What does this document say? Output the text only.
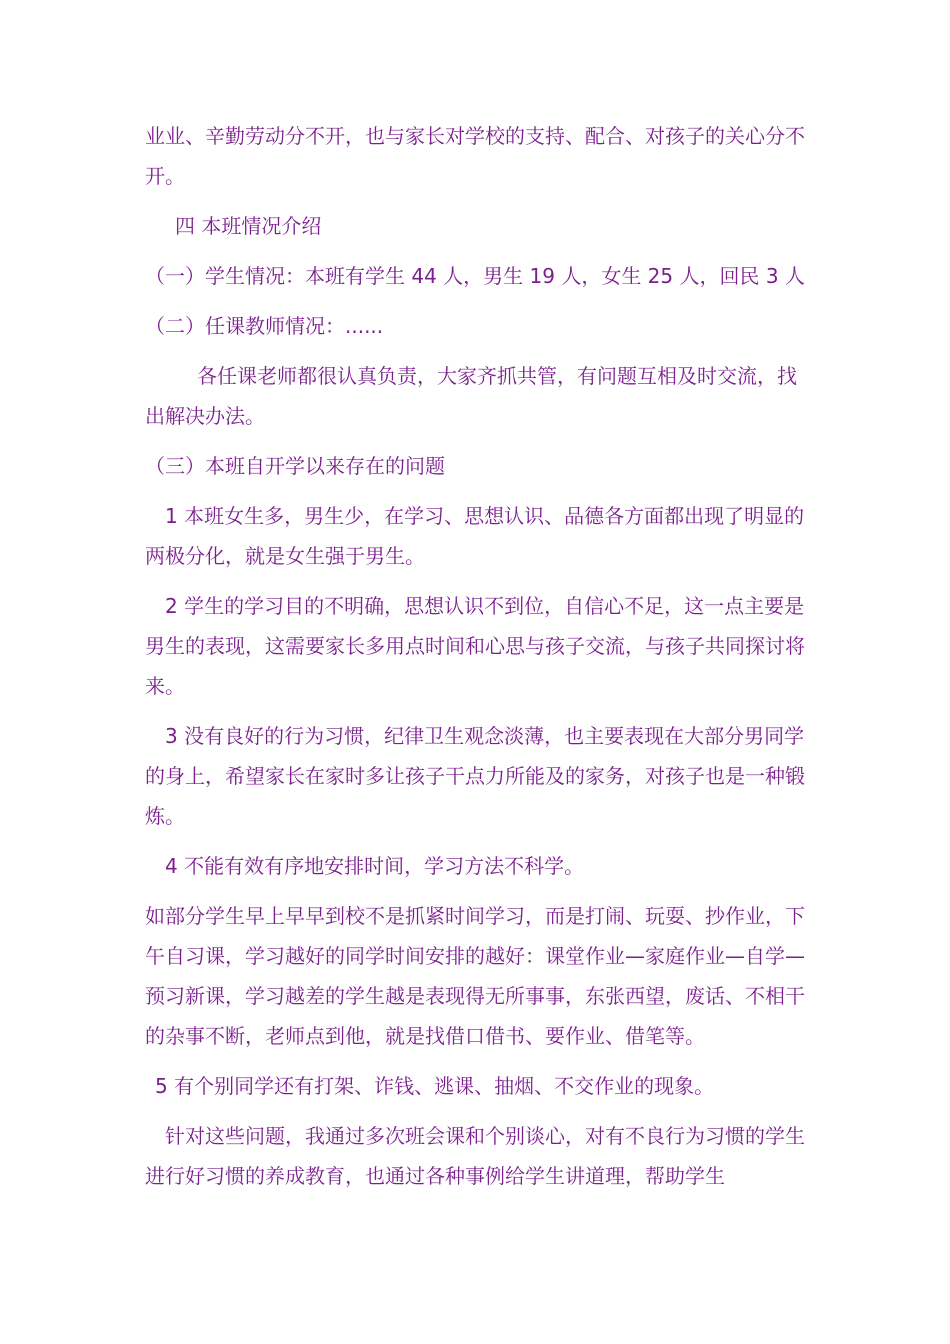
业业、辛勤劳动分不开，也与家长对学校的支持、配合、对孩子的关心分不开。

四 本班情况介绍

（一）学生情况：本班有学生 44 人，男生 19 人，女生 25 人，回民 3 人

（二）任课教师情况：......

各任课老师都很认真负责，大家齐抓共管，有问题互相及时交流，找出解决办法。

（三）本班自开学以来存在的问题

1 本班女生多，男生少，在学习、思想认识、品德各方面都出现了明显的两极分化，就是女生强于男生。

2 学生的学习目的不明确，思想认识不到位，自信心不足，这一点主要是男生的表现，这需要家长多用点时间和心思与孩子交流，与孩子共同探讨将来。

3 没有良好的行为习惯，纪律卫生观念淡薄，也主要表现在大部分男同学的身上，希望家长在家时多让孩子干点力所能及的家务，对孩子也是一种锻炼。

4 不能有效有序地安排时间，学习方法不科学。

如部分学生早上早早到校不是抓紧时间学习，而是打闹、玩耍、抄作业，下午自习课，学习越好的同学时间安排的越好：课堂作业—家庭作业—自学—预习新课，学习越差的学生越是表现得无所事事，东张西望，废话、不相干的杂事不断，老师点到他，就是找借口借书、要作业、借笔等。

5 有个别同学还有打架、诈钱、逃课、抽烟、不交作业的现象。

针对这些问题，我通过多次班会课和个别谈心，对有不良行为习惯的学生进行好习惯的养成教育，也通过各种事例给学生讲道理，帮助学生
